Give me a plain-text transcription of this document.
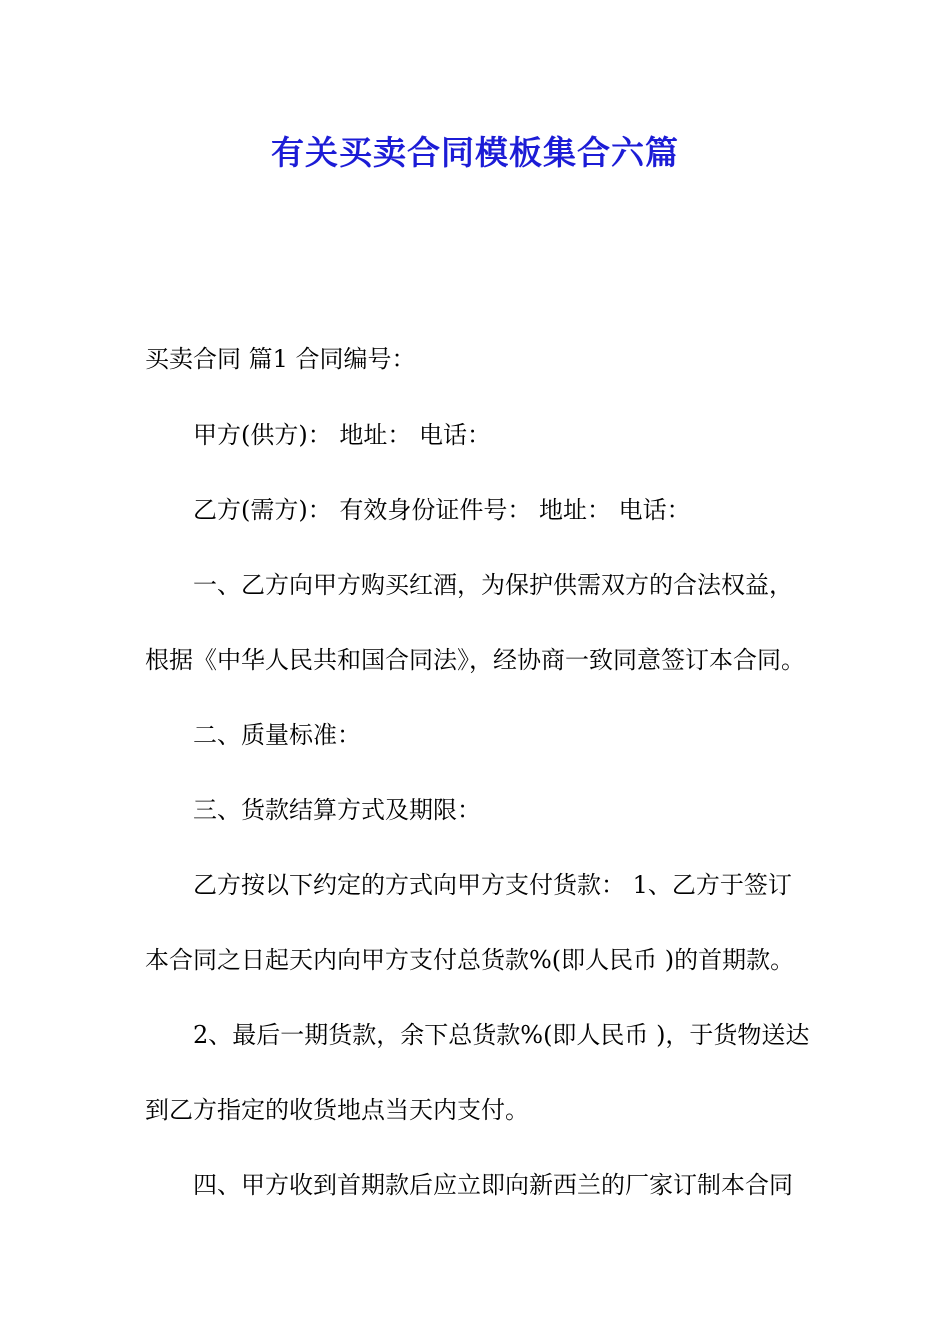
有关买卖合同模板集合六篇

买卖合同 篇1 合同编号：

甲方(供方)： 地址： 电话：

乙方(需方)： 有效身份证件号： 地址： 电话：

一、乙方向甲方购买红酒，为保护供需双方的合法权益，

根据《中华人民共和国合同法》，经协商一致同意签订本合同。

二、质量标准：

三、货款结算方式及期限：

乙方按以下约定的方式向甲方支付货款： 1、乙方于签订

本合同之日起天内向甲方支付总货款%(即人民币 )的首期款。

2、最后一期货款，余下总货款%(即人民币 )，于货物送达

到乙方指定的收货地点当天内支付。

四、甲方收到首期款后应立即向新西兰的厂家订制本合同
